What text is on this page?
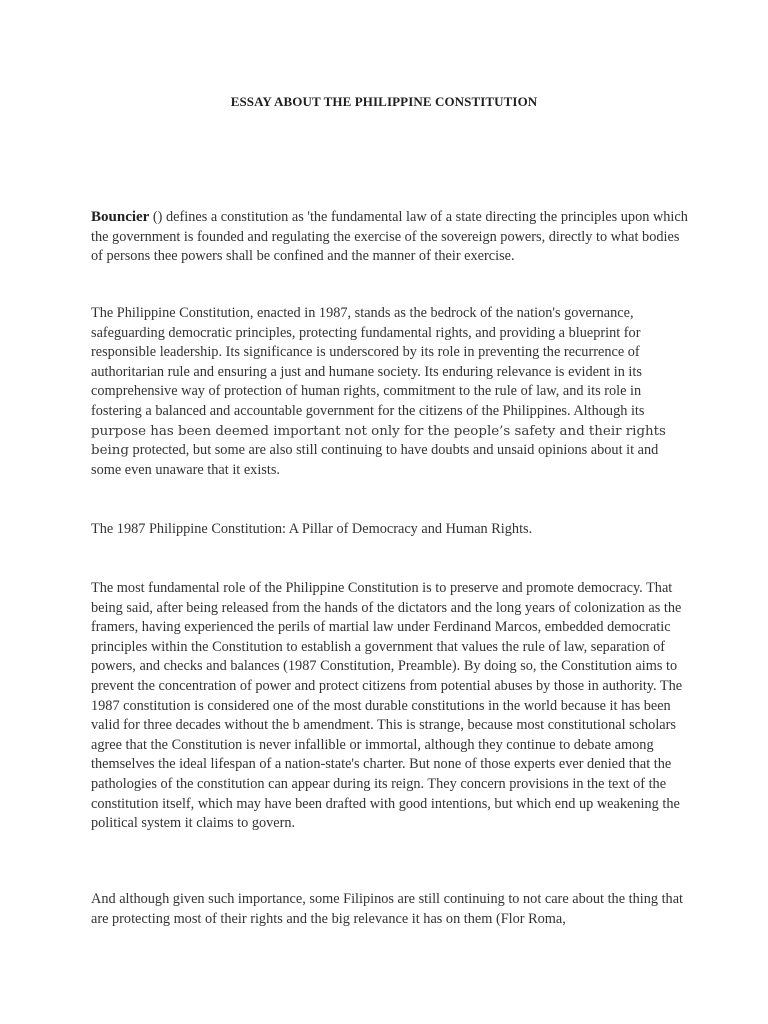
ESSAY ABOUT THE PHILIPPINE CONSTITUTION

Bouncier () defines a constitution as 'the fundamental law of a state directing the principles upon which the government is founded and regulating the exercise of the sovereign powers, directly to what bodies of persons thee powers shall be confined and the manner of their exercise.

The Philippine Constitution, enacted in 1987, stands as the bedrock of the nation's governance, safeguarding democratic principles, protecting fundamental rights, and providing a blueprint for responsible leadership. Its significance is underscored by its role in preventing the recurrence of authoritarian rule and ensuring a just and humane society. Its enduring relevance is evident in its comprehensive way of protection of human rights, commitment to the rule of law, and its role in fostering a balanced and accountable government for the citizens of the Philippines. Although its purpose has been deemed important not only for the people’s safety and their rights being protected, but some are also still continuing to have doubts and unsaid opinions about it and some even unaware that it exists.

The 1987 Philippine Constitution: A Pillar of Democracy and Human Rights.

The most fundamental role of the Philippine Constitution is to preserve and promote democracy. That being said, after being released from the hands of the dictators and the long years of colonization as the framers, having experienced the perils of martial law under Ferdinand Marcos, embedded democratic principles within the Constitution to establish a government that values the rule of law, separation of powers, and checks and balances (1987 Constitution, Preamble). By doing so, the Constitution aims to prevent the concentration of power and protect citizens from potential abuses by those in authority. The 1987 constitution is considered one of the most durable constitutions in the world because it has been valid for three decades without the b amendment. This is strange, because most constitutional scholars agree that the Constitution is never infallible or immortal, although they continue to debate among themselves the ideal lifespan of a nation-state's charter. But none of those experts ever denied that the pathologies of the constitution can appear during its reign. They concern provisions in the text of the constitution itself, which may have been drafted with good intentions, but which end up weakening the political system it claims to govern.

And although given such importance, some Filipinos are still continuing to not care about the thing that are protecting most of their rights and the big relevance it has on them (Flor Roma,
